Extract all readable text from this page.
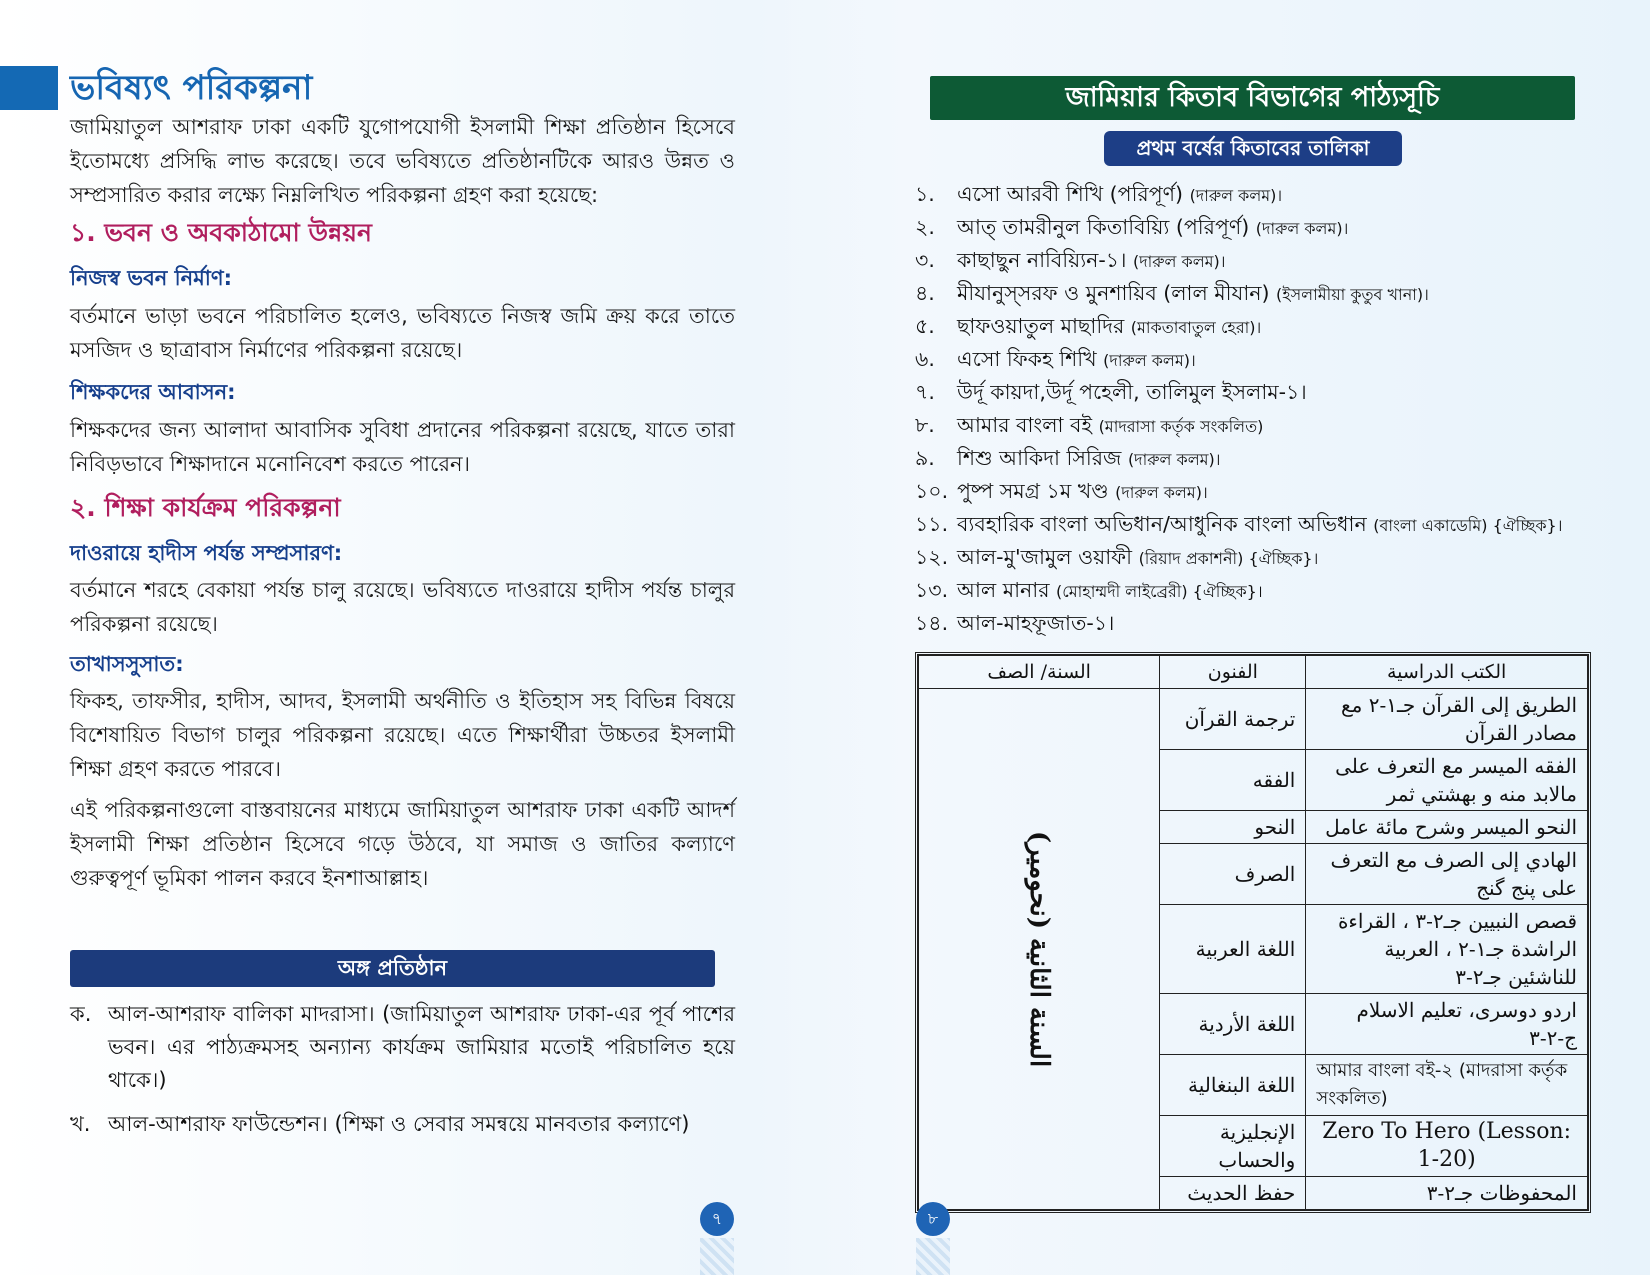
ভবিষ্যৎ পরিকল্পনা
জামিয়াতুল আশরাফ ঢাকা একটি যুগোপযোগী ইসলামী শিক্ষা প্রতিষ্ঠান হিসেবে ইতোমধ্যে প্রসিদ্ধি লাভ করেছে। তবে ভবিষ্যতে প্রতিষ্ঠানটিকে আরও উন্নত ও সম্প্রসারিত করার লক্ষ্যে নিম্নলিখিত পরিকল্পনা গ্রহণ করা হয়েছে:
১. ভবন ও অবকাঠামো উন্নয়ন
নিজস্ব ভবন নির্মাণ:
বর্তমানে ভাড়া ভবনে পরিচালিত হলেও, ভবিষ্যতে নিজস্ব জমি ক্রয় করে তাতে মসজিদ ও ছাত্রাবাস নির্মাণের পরিকল্পনা রয়েছে।
শিক্ষকদের আবাসন:
শিক্ষকদের জন্য আলাদা আবাসিক সুবিধা প্রদানের পরিকল্পনা রয়েছে, যাতে তারা নিবিড়ভাবে শিক্ষাদানে মনোনিবেশ করতে পারেন।
২. শিক্ষা কার্যক্রম পরিকল্পনা
দাওরায়ে হাদীস পর্যন্ত সম্প্রসারণ:
বর্তমানে শরহে বেকায়া পর্যন্ত চালু রয়েছে। ভবিষ্যতে দাওরায়ে হাদীস পর্যন্ত চালুর পরিকল্পনা রয়েছে।
তাখাসসুসাত:
ফিকহ, তাফসীর, হাদীস, আদব, ইসলামী অর্থনীতি ও ইতিহাস সহ বিভিন্ন বিষয়ে বিশেষায়িত বিভাগ চালুর পরিকল্পনা রয়েছে। এতে শিক্ষার্থীরা উচ্চতর ইসলামী শিক্ষা গ্রহণ করতে পারবে।
এই পরিকল্পনাগুলো বাস্তবায়নের মাধ্যমে জামিয়াতুল আশরাফ ঢাকা একটি আদর্শ ইসলামী শিক্ষা প্রতিষ্ঠান হিসেবে গড়ে উঠবে, যা সমাজ ও জাতির কল্যাণে গুরুত্বপূর্ণ ভূমিকা পালন করবে ইনশাআল্লাহ।
অঙ্গ প্রতিষ্ঠান
ক. আল-আশরাফ বালিকা মাদরাসা। (জামিয়াতুল আশরাফ ঢাকা-এর পূর্ব পাশের ভবন। এর পাঠ্যক্রমসহ অন্যান্য কার্যক্রম জামিয়ার মতোই পরিচালিত হয়ে থাকে।)
খ. আল-আশরাফ ফাউন্ডেশন। (শিক্ষা ও সেবার সমন্বয়ে মানবতার কল্যাণে)
৭
জামিয়ার কিতাব বিভাগের পাঠ্যসূচি
প্রথম বর্ষের কিতাবের তালিকা
১. এসো আরবী শিখি (পরিপূর্ণ) (দারুল কলম)।
২. আত্ তামরীনুল কিতাবিয়্যি (পরিপূর্ণ) (দারুল কলম)।
৩. কাছাছুন নাবিয়্যিন-১। (দারুল কলম)।
৪. মীযানুস্সরফ ও মুনশায়িব (লাল মীযান) (ইসলামীয়া কুতুব খানা)।
৫. ছাফওয়াতুল মাছাদির (মাকতাবাতুল হেরা)।
৬. এসো ফিকহ শিখি (দারুল কলম)।
৭. উর্দূ কায়দা,উর্দূ পহেলী, তালিমুল ইসলাম-১।
৮. আমার বাংলা বই (মাদরাসা কর্তৃক সংকলিত)
৯. শিশু আকিদা সিরিজ (দারুল কলম)।
১০. পুষ্প সমগ্র ১ম খণ্ড (দারুল কলম)।
১১. ব্যবহারিক বাংলা অভিধান/আধুনিক বাংলা অভিধান (বাংলা একাডেমি) {ঐচ্ছিক}।
১২. আল-মু'জামুল ওয়াফী (রিয়াদ প্রকাশনী) {ঐচ্ছিক}।
১৩. আল মানার (মোহাম্মদী লাইব্রেরী) {ঐচ্ছিক}।
১৪. আল-মাহফূজাত-১।
السنة/ الصف	الفنون	الكتب الدراسية
السنة الثانية (نحومير)	ترجمة القرآن	الطريق إلى القرآن جـ١-٢ مع مصادر القرآن
	الفقه	الفقه الميسر مع التعرف على مالابد منه و بهشتي ثمر
	النحو	النحو الميسر وشرح مائة عامل
	الصرف	الهادي إلى الصرف مع التعرف على پنج گنج
	اللغة العربية	قصص النبيين جـ٢-٣ ، القراءة الراشدة جـ١-٢ ، العربية للناشئين جـ٢-٣
	اللغة الأردية	اردو دوسری، تعلیم الاسلام ج-٢-٣
	اللغة البنغالية	আমার বাংলা বই-২ (মাদরাসা কর্তৃক সংকলিত)
	الإنجليزية والحساب	Zero To Hero (Lesson: 1-20)
	حفظ الحديث	المحفوظات جـ٢-٣
৮
